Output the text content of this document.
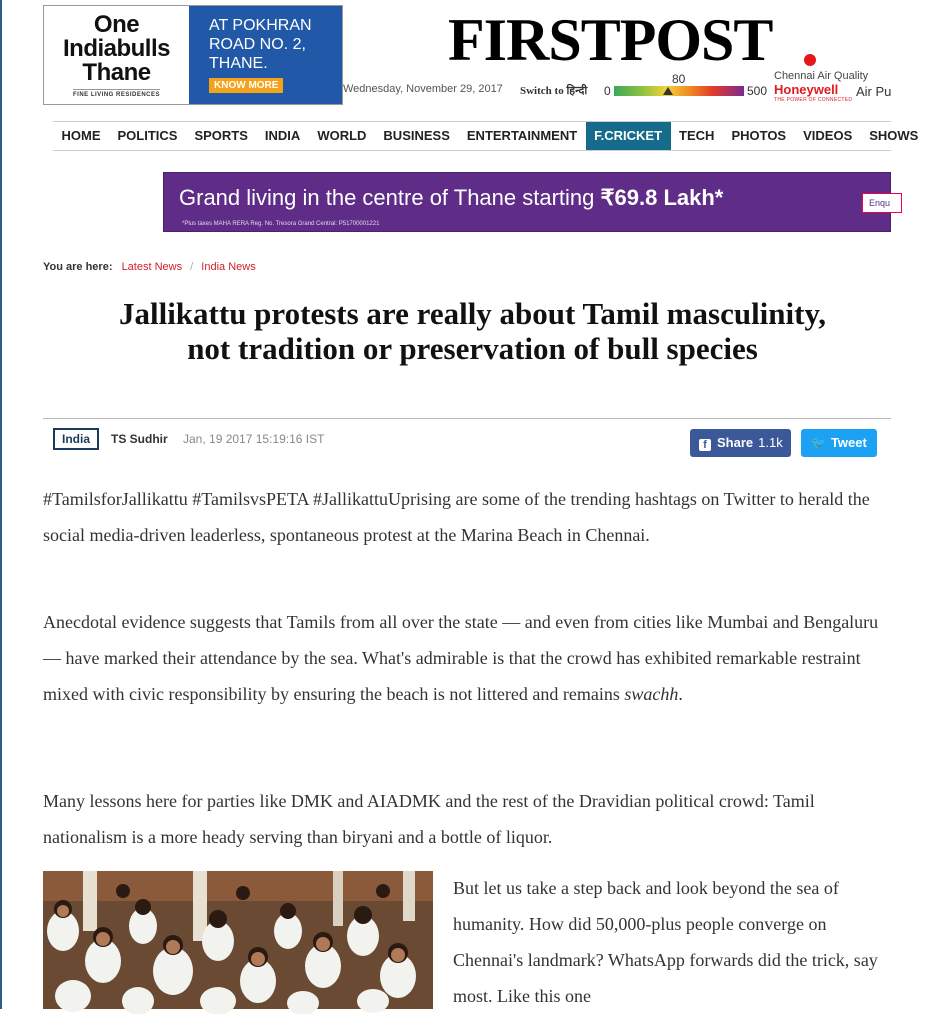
One
Indiabulls
Thane
FINE LIVING RESIDENCES
AT POKHRAN
ROAD NO. 2,
THANE.
KNOW MORE
FIRSTPOST
Wednesday, November 29, 2017 Switch to हिन्दी
Chennai Air Quality
80
0	500 Honeywell
THE POWER OF CONNECTED
Air Pu
HOME	POLITICS	SPORTS	INDIA	WORLD	BUSINESS	ENTERTAINMENT	F.CRICKET	TECH	PHOTOS	VIDEOS	SHOWS
Grand living in the centre of Thane starting ₹69.8 Lakh*
*Plus taxes MAHA RERA Reg. No. Tresora Grand Central: P51700001221
Enqu
You are here: Latest News / India News
Jallikattu protests are really about Tamil masculinity, not tradition or preservation of bull species
India	TS Sudhir Jan, 19 2017 15:19:16 IST	f Share 1.1k	🐦 Tweet

#TamilsforJallikattu #TamilsvsPETA #JallikattuUprising are some of the trending hashtags on Twitter to herald the social media-driven leaderless, spontaneous protest at the Marina Beach in Chennai.

Anecdotal evidence suggests that Tamils from all over the state — and even from cities like Mumbai and Bengaluru — have marked their attendance by the sea. What's admirable is that the crowd has exhibited remarkable restraint mixed with civic responsibility by ensuring the beach is not littered and remains swachh.

Many lessons here for parties like DMK and AIADMK and the rest of the Dravidian political crowd: Tamil nationalism is a more heady serving than biryani and a bottle of liquor.

But let us take a step back and look beyond the sea of humanity. How did 50,000-plus people converge on Chennai's landmark? WhatsApp forwards did the trick, say most. Like this one
